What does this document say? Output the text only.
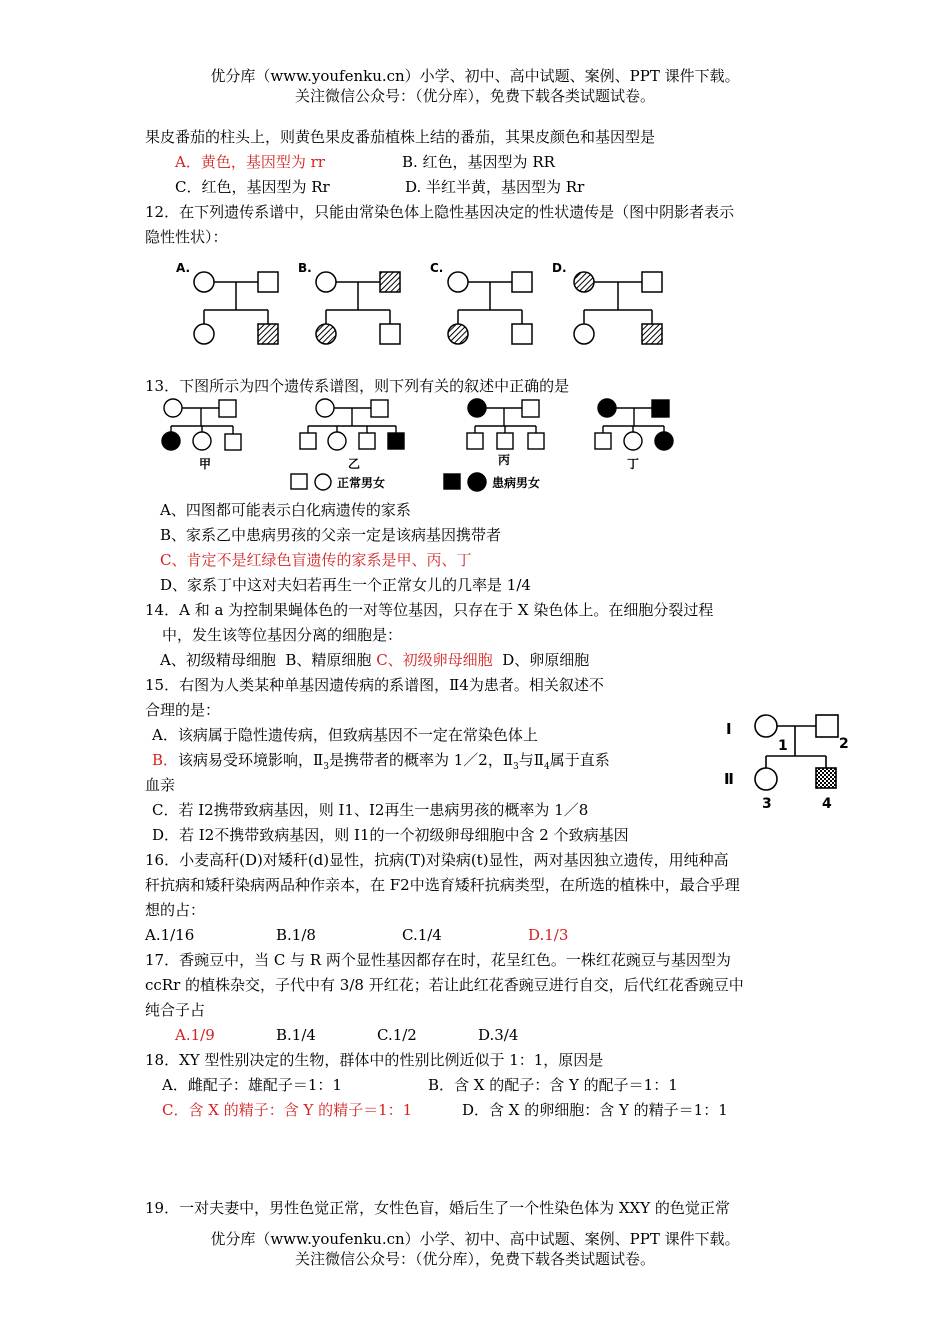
优分库（www.youfenku.cn）小学、初中、高中试题、案例、PPT 课件下载。
关注微信公众号：（优分库），免费下载各类试题试卷。
果皮番茄的柱头上，则黄色果皮番茄植株上结的番茄，其果皮颜色和基因型是
A．黄色，基因型为 rr	B. 红色，基因型为 RR
C．红色，基因型为 Rr	D. 半红半黄，基因型为 Rr
12．在下列遗传系谱中，只能由常染色体上隐性基因决定的性状遗传是（图中阴影者表示
隐性性状）：
A.	B.	C.	D.
13．下图所示为四个遗传系谱图，则下列有关的叙述中正确的是
甲	乙	丙	丁
正常男女	患病男女
A、四图都可能表示白化病遗传的家系
B、家系乙中患病男孩的父亲一定是该病基因携带者
C、肯定不是红绿色盲遗传的家系是甲、丙、丁
D、家系丁中这对夫妇若再生一个正常女儿的几率是 1/4
14．A 和 a 为控制果蝇体色的一对等位基因，只存在于 X 染色体上。在细胞分裂过程
中，发生该等位基因分离的细胞是：
A、初级精母细胞 B、精原细胞 C、初级卵母细胞 D、卵原细胞
15．右图为人类某种单基因遗传病的系谱图，Ⅱ4为患者。相关叙述不
合理的是：
A．该病属于隐性遗传病，但致病基因不一定在常染色体上
B．该病易受环境影响，$Ⅱ_3$是携带者的概率为 1／2，$Ⅱ_3$与$Ⅱ_4$属于直系
血亲
C．若 I2携带致病基因，则 I1、I2再生一患病男孩的概率为 1／8
D．若 I2不携带致病基因，则 I1的一个初级卵母细胞中含 2 个致病基因
I
Ⅱ
1	2
3	4
16．小麦高秆(D)对矮秆(d)显性，抗病(T)对染病(t)显性，两对基因独立遗传，用纯种高
秆抗病和矮秆染病两品种作亲本，在 F2中选育矮秆抗病类型，在所选的植株中，最合乎理
想的占：
A.1/16	B.1/8	C.1/4	D.1/3
17．香豌豆中，当 C 与 R 两个显性基因都存在时，花呈红色。一株红花豌豆与基因型为
ccRr 的植株杂交，子代中有 3/8 开红花；若让此红花香豌豆进行自交，后代红花香豌豆中
纯合子占
A.1/9	B.1/4	C.1/2	D.3/4
18．XY 型性别决定的生物，群体中的性别比例近似于 1：1，原因是
A．雌配子：雄配子＝1：1	B．含 X 的配子：含 Y 的配子＝1：1
C．含 X 的精子：含 Y 的精子＝1：1	D．含 X 的卵细胞：含 Y 的精子＝1：1
19．一对夫妻中，男性色觉正常，女性色盲，婚后生了一个性染色体为 XXY 的色觉正常
优分库（www.youfenku.cn）小学、初中、高中试题、案例、PPT 课件下载。
关注微信公众号：（优分库），免费下载各类试题试卷。
